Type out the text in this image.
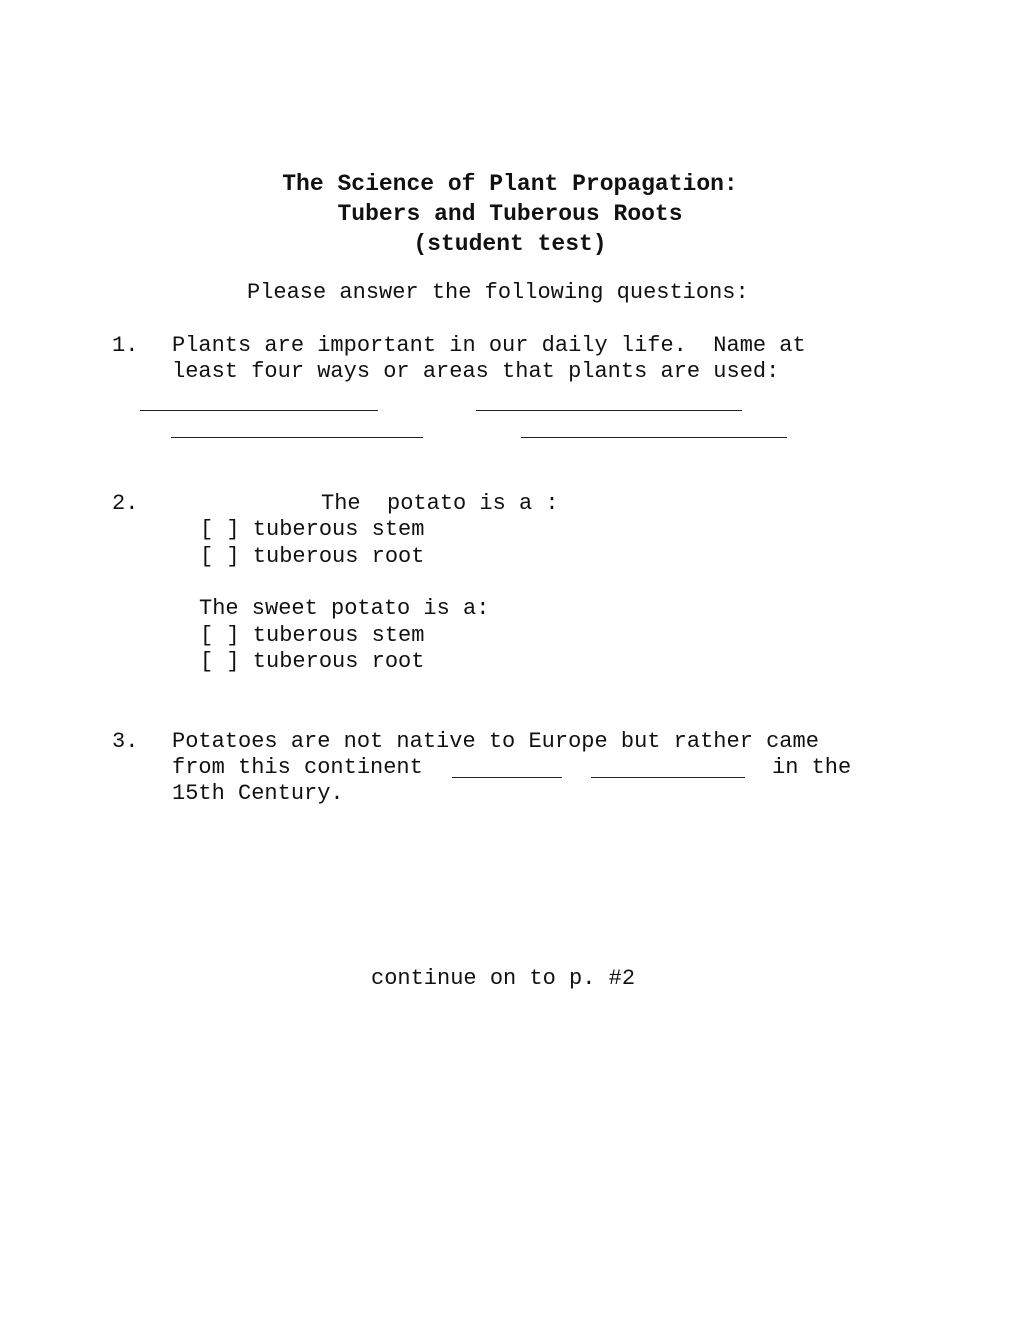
The Science of Plant Propagation:
Tubers and Tuberous Roots
(student test)
Please answer the following questions:
1. Plants are important in our daily life.  Name at
least four ways or areas that plants are used:
2.	The  potato is a :
[ ] tuberous stem
[ ] tuberous root
The sweet potato is a:
[ ] tuberous stem
[ ] tuberous root
3. Potatoes are not native to Europe but rather came
from this continent	in the
15th Century.
continue on to p. #2
